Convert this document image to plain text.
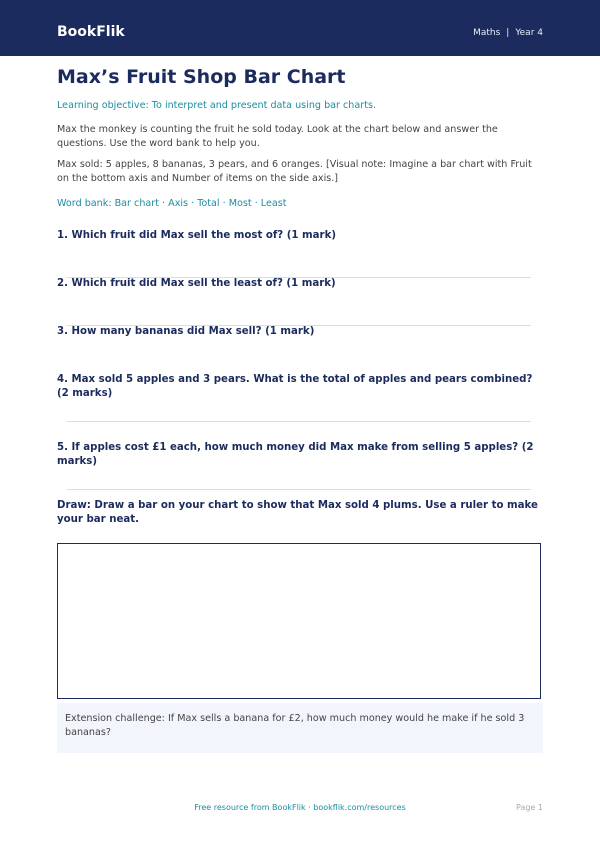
BookFlik	Maths | Year 4
Max’s Fruit Shop Bar Chart

Learning objective: To interpret and present data using bar charts.

Max the monkey is counting the fruit he sold today. Look at the chart below and answer the questions. Use the word bank to help you.

Max sold: 5 apples, 8 bananas, 3 pears, and 6 oranges. [Visual note: Imagine a bar chart with Fruit on the bottom axis and Number of items on the side axis.]

Word bank: Bar chart · Axis · Total · Most · Least

1. Which fruit did Max sell the most of? (1 mark)

2. Which fruit did Max sell the least of? (1 mark)

3. How many bananas did Max sell? (1 mark)

4. Max sold 5 apples and 3 pears. What is the total of apples and pears combined? (2 marks)

5. If apples cost £1 each, how much money did Max make from selling 5 apples? (2 marks)

Draw: Draw a bar on your chart to show that Max sold 4 plums. Use a ruler to make your bar neat.

Extension challenge: If Max sells a banana for £2, how much money would he make if he sold 3 bananas?
Free resource from BookFlik · bookflik.com/resources	Page 1
